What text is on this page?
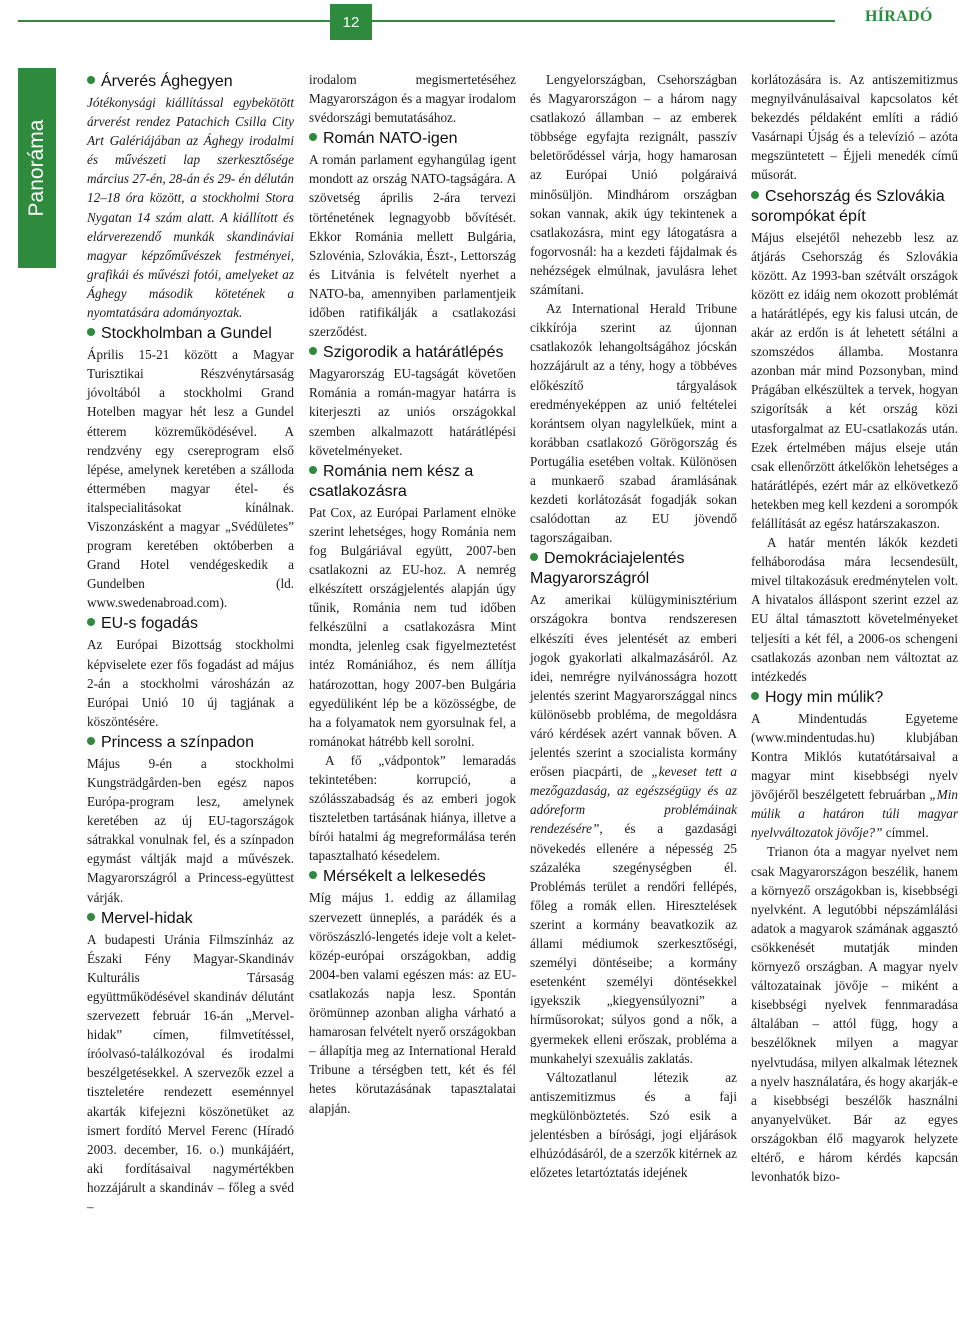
12	HÍRADÓ
Panoráma
Árverés Ághegyen

Jótékonysági kiállítással egybekötött árverést rendez Patachich Csilla City Art Galériájában az Ághegy irodalmi és művészeti lap szerkesztősége március 27-én, 28-án és 29- én délután 12–18 óra között, a stockholmi Stora Nygatan 14 szám alatt. A kiállított és elárverezendő munkák skandináviai magyar képzőművészek festményei, grafikái és művészi fotói, amelyeket az Ághegy második kötetének a nyomtatására adományoztak.

Stockholmban a Gundel

Április 15-21 között a Magyar Turisztikai Részvénytársaság jóvoltából a stockholmi Grand Hotelben magyar hét lesz a Gundel étterem közreműködésével. A rendzvény egy csereprogram első lépése, amelynek keretében a szálloda éttermében magyar étel- és italspecialitásokat kínálnak. Viszonzásként a magyar „Svédületes” program keretében októberben a Grand Hotel vendégeskedik a Gundelben (ld. www.swedenabroad.com).

EU-s fogadás

Az Európai Bizottság stockholmi képviselete ezer fős fogadást ad május 2-án a stockholmi városházán az Európai Unió 10 új tagjának a köszöntésére.

Princess a színpadon

Május 9-én a stockholmi Kungsträdgården-ben egész napos Európa-program lesz, amelynek keretében az új EU-tagországok sátrakkal vonulnak fel, és a színpadon egymást váltják majd a művészek. Magyarországról a Princess-együttest várják.

Mervel-hidak

A budapesti Uránia Filmszínház az Északi Fény Magyar-Skandináv Kulturális Társaság együttműködésével skandináv délutánt szervezett február 16-án „Mervel-hidak” címen, filmvetítéssel, íróolvasó-találkozóval és irodalmi beszélgetésekkel. A szervezők ezzel a tiszteletére rendezett eseménnyel akarták kifejezni köszönetüket az ismert fordító Mervel Ferenc (Híradó 2003. december, 16. o.) munkájáért, aki fordításaival nagymértékben hozzájárult a skandináv – főleg a svéd –

irodalom megismertetéséhez Magyarországon és a magyar irodalom svédországi bemutatásához.

Román NATO-igen

A román parlament egyhangúlag igent mondott az ország NATO-tagságára. A szövetség április 2-ára tervezi történetének legnagyobb bővítését. Ekkor Románia mellett Bulgária, Szlovénia, Szlovákia, Észt-, Lettország és Litvánia is felvételt nyerhet a NATO-ba, amennyiben parlamentjeik időben ratifikálják a csatlakozási szerződést.

Szigorodik a határátlépés

Magyarország EU-tagságát követően Románia a román-magyar határra is kiterjeszti az uniós országokkal szemben alkalmazott határátlépési követelményeket.

Románia nem kész a csatlakozásra

Pat Cox, az Európai Parlament elnöke szerint lehetséges, hogy Románia nem fog Bulgáriával együtt, 2007-ben csatlakozni az EU-hoz. A nemrég elkészített országjelentés alapján úgy tűnik, Románia nem tud időben felkészülni a csatlakozásra Mint mondta, jelenleg csak figyelmeztetést intéz Romániához, és nem állítja határozottan, hogy 2007-ben Bulgária egyedüliként lép be a közösségbe, de ha a folyamatok nem gyorsulnak fel, a románokat hátrébb kell sorolni.

A fő „vádpontok” lemaradás tekintetében: korrupció, a szólásszabadság és az emberi jogok tiszteletben tartásának hiánya, illetve a bírói hatalmi ág megreformálása terén tapasztalható késedelem.

Mérsékelt a lelkesedés

Míg május 1. eddig az államilag szervezett ünneplés, a parádék és a vöröszászló-lengetés ideje volt a kelet-közép-európai országokban, addig 2004-ben valami egészen más: az EU-csatlakozás napja lesz. Spontán örömünnep azonban aligha várható a hamarosan felvételt nyerő országokban – állapítja meg az International Herald Tribune a térségben tett, két és fél hetes körutazásának tapasztalatai alapján.

Lengyelországban, Csehországban és Magyarországon – a három nagy csatlakozó államban – az emberek többsége egyfajta rezignált, passzív beletörődéssel várja, hogy hamarosan az Európai Unió polgáraivá minősüljön. Mindhárom országban sokan vannak, akik úgy tekintenek a csatlakozásra, mint egy látogatásra a fogorvosnál: ha a kezdeti fájdalmak és nehézségek elmúlnak, javulásra lehet számítani.

Az International Herald Tribune cikkírója szerint az újonnan csatlakozók lehangoltságához jócskán hozzájárult az a tény, hogy a többéves előkészítő tárgyalások eredményeképpen az unió feltételei korántsem olyan nagylelkűek, mint a korábban csatlakozó Görögország és Portugália esetében voltak. Különösen a munkaerő szabad áramlásának kezdeti korlátozását fogadják sokan csalódottan az EU jövendő tagországaiban.

Demokráciajelentés Magyarországról

Az amerikai külügyminisztérium országokra bontva rendszeresen elkészíti éves jelentését az emberi jogok gyakorlati alkalmazásáról. Az idei, nemrégre nyilvánosságra hozott jelentés szerint Magyarországgal nincs különösebb probléma, de megoldásra váró kérdések azért vannak bőven. A jelentés szerint a szocialista kormány erősen piacpárti, de „keveset tett a mezőgazdaság, az egészségügy és az adóreform problémáinak rendezésére”, és a gazdasági növekedés ellenére a népesség 25 százaléka szegénységben él. Problémás terület a rendőri fellépés, főleg a romák ellen. Hiresztelések szerint a kormány beavatkozik az állami médiumok szerkesztőségi, személyi döntéseibe; a kormány esetenként személyi döntésekkel igyekszik „kiegyensúlyozni” a hírműsorokat; súlyos gond a nők, a gyermekek elleni erőszak, probléma a munkahelyi szexuális zaklatás.

Változatlanul létezik az antiszemitizmus és a faji megkülönböztetés. Szó esik a jelentésben a bírósági, jogi eljárások elhúzódásáról, de a szerzők kitérnek az előzetes letartóztatás idejének

korlátozására is. Az antiszemitizmus megnyilvánulásaival kapcsolatos két bekezdés példaként említi a rádió Vasárnapi Újság és a televízió – azóta megszüntetett – Éjjeli menedék című műsorát.

Csehország és Szlovákia sorompókat épít

Május elsejétől nehezebb lesz az átjárás Csehország és Szlovákia között. Az 1993-ban szétvált országok között ez idáig nem okozott problémát a határátlépés, egy kis falusi utcán, de akár az erdőn is át lehetett sétálni a szomszédos államba. Mostanra azonban már mind Pozsonyban, mind Prágában elkészültek a tervek, hogyan szigorítsák a két ország közi utasforgalmat az EU-csatlakozás után. Ezek értelmében május elseje után csak ellenőrzött átkelőkön lehetséges a határátlépés, ezért már az elkövetkező hetekben meg kell kezdeni a sorompók felállítását az egész határszakaszon.

A határ mentén lákók kezdeti felháborodása mára lecsendesült, mivel tiltakozásuk eredménytelen volt. A hivatalos álláspont szerint ezzel az EU által támasztott követelményeket teljesíti a két fél, a 2006-os schengeni csatlakozás azonban nem változtat az intézkedés

Hogy min múlik?

A Mindentudás Egyeteme (www.mindentudas.hu) klubjában Kontra Miklós kutatótársaival a magyar mint kisebbségi nyelv jövőjéről beszélgetett februárban „Min múlik a határon túli magyar nyelvváltozatok jövője?” címmel.

Trianon óta a magyar nyelvet nem csak Magyarországon beszélik, hanem a környező országokban is, kisebbségi nyelvként. A legutóbbi népszámlálási adatok a magyarok számának aggasztó csökkenését mutatják minden környező országban. A magyar nyelv változatainak jövője – miként a kisebbségi nyelvek fennmaradása általában – attól függ, hogy a beszélőknek milyen a magyar nyelvtudása, milyen alkalmak léteznek a nyelv használatára, és hogy akarják-e a kisebbségi beszélők használni anyanyelvüket. Bár az egyes országokban élő magyarok helyzete eltérő, e három kérdés kapcsán levonhatók bizo-
